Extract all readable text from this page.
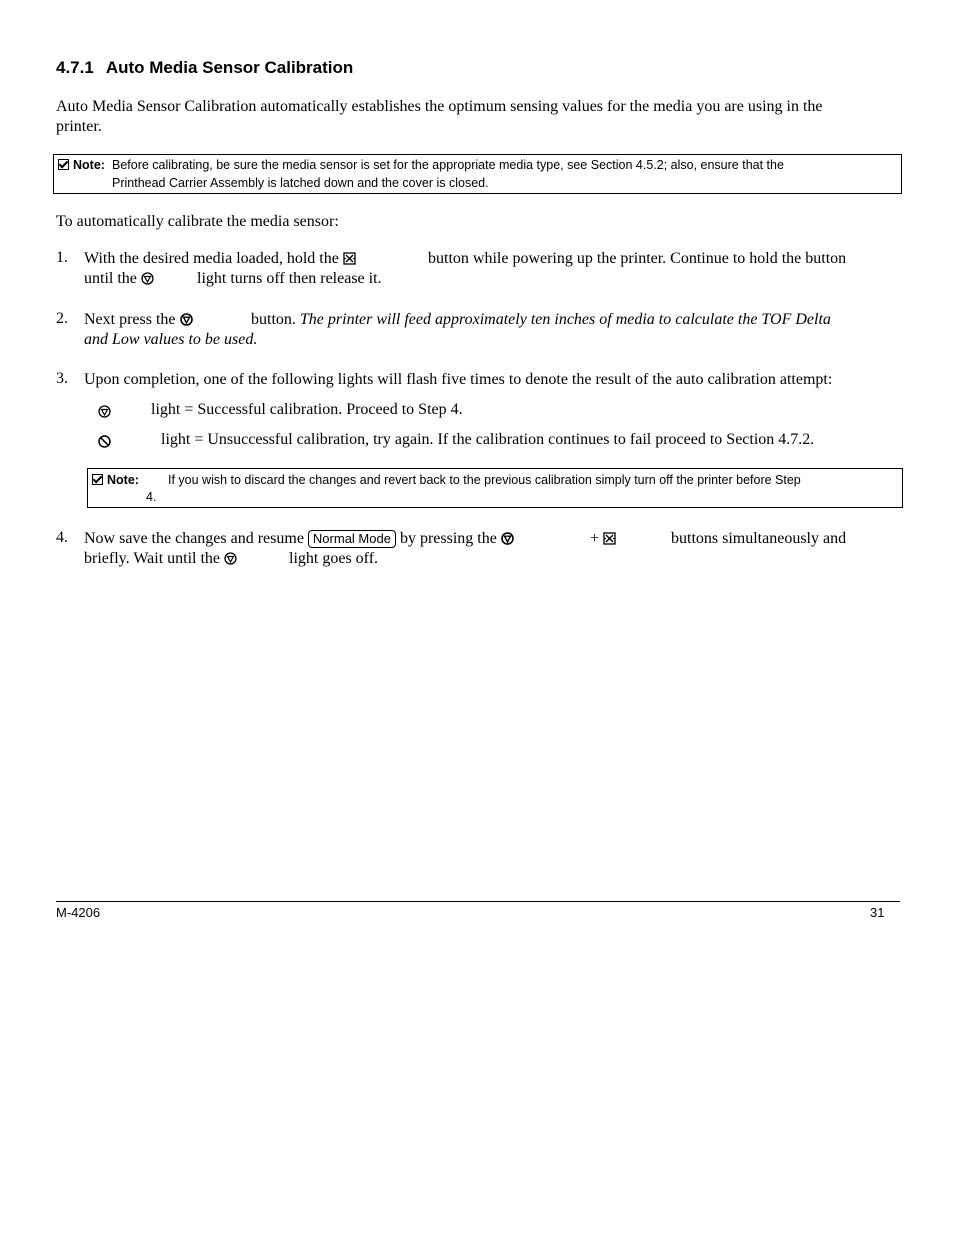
4.7.1 Auto Media Sensor Calibration
Auto Media Sensor Calibration automatically establishes the optimum sensing values for the media you are using in the
printer.
Note: Before calibrating, be sure the media sensor is set for the appropriate media type, see Section 4.5.2; also, ensure that the
Printhead Carrier Assembly is latched down and the cover is closed.
To automatically calibrate the media sensor:
1. With the desired media loaded, hold the	button while powering up the printer. Continue to hold the button
until the	light turns off then release it.
2. Next press the	button. The printer will feed approximately ten inches of media to calculate the TOF Delta
and Low values to be used.
3. Upon completion, one of the following lights will flash five times to denote the result of the auto calibration attempt:
light = Successful calibration. Proceed to Step 4.
light = Unsuccessful calibration, try again. If the calibration continues to fail proceed to Section 4.7.2.
Note: If you wish to discard the changes and revert back to the previous calibration simply turn off the printer before Step
4.
4. Now save the changes and resume Normal Mode by pressing the	+	buttons simultaneously and
briefly. Wait until the	light goes off.
M-4206	31
